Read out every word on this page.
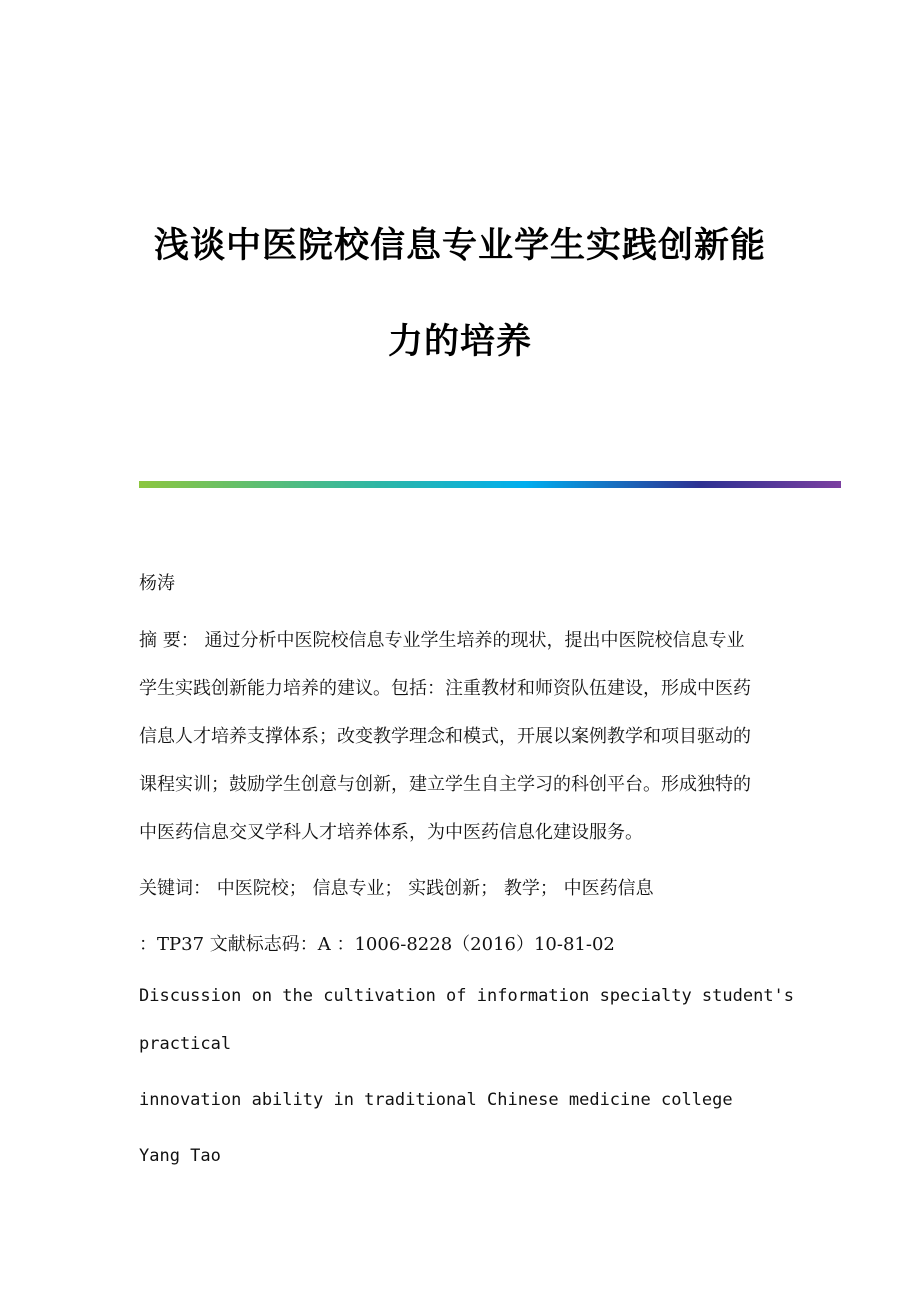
浅谈中医院校信息专业学生实践创新能
力的培养
杨涛
摘 要： 通过分析中医院校信息专业学生培养的现状，提出中医院校信息专业
学生实践创新能力培养的建议。包括：注重教材和师资队伍建设，形成中医药
信息人才培养支撑体系；改变教学理念和模式，开展以案例教学和项目驱动的
课程实训；鼓励学生创意与创新，建立学生自主学习的科创平台。形成独特的
中医药信息交叉学科人才培养体系，为中医药信息化建设服务。
关键词： 中医院校； 信息专业； 实践创新； 教学； 中医药信息
：TP37 文献标志码：A ：1006-8228（2016）10-81-02
Discussion on the cultivation of information specialty student's
practical
innovation ability in traditional Chinese medicine college
Yang Tao
